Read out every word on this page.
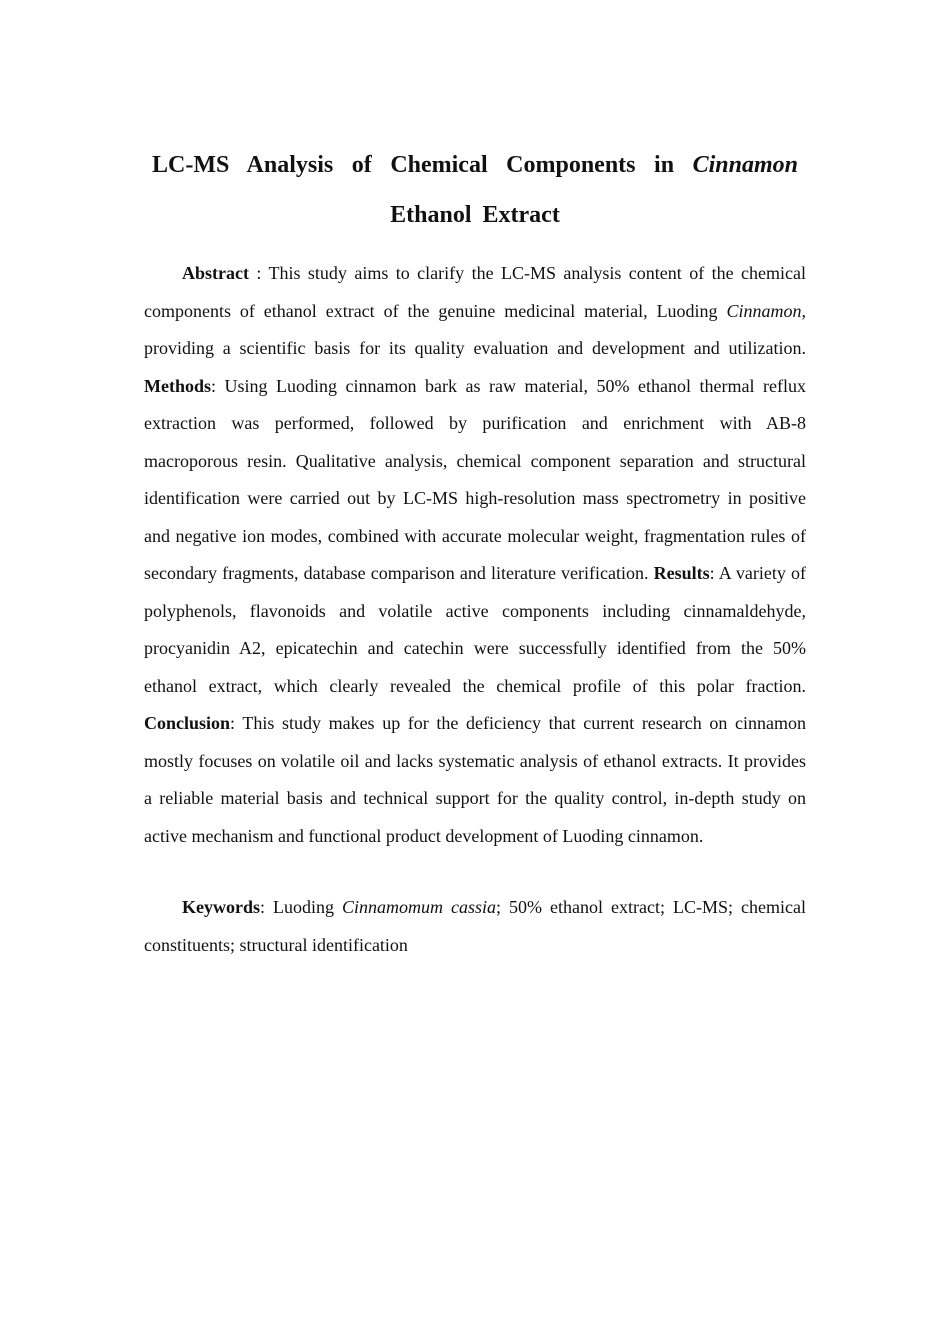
LC-MS Analysis of Chemical Components in Cinnamon
Ethanol Extract

Abstract : This study aims to clarify the LC-MS analysis content of the chemical components of ethanol extract of the genuine medicinal material, Luoding Cinnamon, providing a scientific basis for its quality evaluation and development and utilization. Methods: Using Luoding cinnamon bark as raw material, 50% ethanol thermal reflux extraction was performed, followed by purification and enrichment with AB-8 macroporous resin. Qualitative analysis, chemical component separation and structural identification were carried out by LC-MS high-resolution mass spectrometry in positive and negative ion modes, combined with accurate molecular weight, fragmentation rules of secondary fragments, database comparison and literature verification. Results: A variety of polyphenols, flavonoids and volatile active components including cinnamaldehyde, procyanidin A2, epicatechin and catechin were successfully identified from the 50% ethanol extract, which clearly revealed the chemical profile of this polar fraction. Conclusion: This study makes up for the deficiency that current research on cinnamon mostly focuses on volatile oil and lacks systematic analysis of ethanol extracts. It provides a reliable material basis and technical support for the quality control, in-depth study on active mechanism and functional product development of Luoding cinnamon.

Keywords: Luoding Cinnamomum cassia; 50% ethanol extract; LC-MS; chemical constituents; structural identification
